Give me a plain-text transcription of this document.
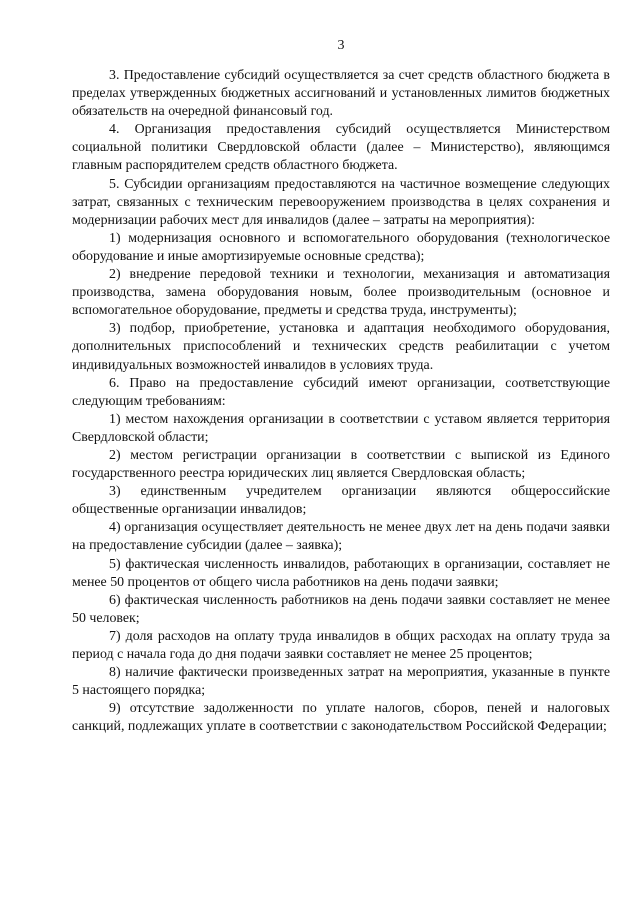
3

3. Предоставление субсидий осуществляется за счет средств областного бюджета в пределах утвержденных бюджетных ассигнований и установленных лимитов бюджетных обязательств на очередной финансовый год.

4. Организация предоставления субсидий осуществляется Министерством социальной политики Свердловской области (далее – Министерство), являющимся главным распорядителем средств областного бюджета.

5. Субсидии организациям предоставляются на частичное возмещение следующих затрат, связанных с техническим перевооружением производства в целях сохранения и модернизации рабочих мест для инвалидов (далее – затраты на мероприятия):

1) модернизация основного и вспомогательного оборудования (технологическое оборудование и иные амортизируемые основные средства);

2) внедрение передовой техники и технологии, механизация и автоматизация производства, замена оборудования новым, более производительным (основное и вспомогательное оборудование, предметы и средства труда, инструменты);

3) подбор, приобретение, установка и адаптация необходимого оборудования, дополнительных приспособлений и технических средств реабилитации с учетом индивидуальных возможностей инвалидов в условиях труда.

6. Право на предоставление субсидий имеют организации, соответствующие следующим требованиям:

1) местом нахождения организации в соответствии с уставом является территория Свердловской области;

2) местом регистрации организации в соответствии с выпиской из Единого государственного реестра юридических лиц является Свердловская область;

3) единственным учредителем организации являются общероссийские общественные организации инвалидов;

4) организация осуществляет деятельность не менее двух лет на день подачи заявки на предоставление субсидии (далее – заявка);

5) фактическая численность инвалидов, работающих в организации, составляет не менее 50 процентов от общего числа работников на день подачи заявки;

6) фактическая численность работников на день подачи заявки составляет не менее 50 человек;

7) доля расходов на оплату труда инвалидов в общих расходах на оплату труда за период с начала года до дня подачи заявки составляет не менее 25 процентов;

8) наличие фактически произведенных затрат на мероприятия, указанные в пункте 5 настоящего порядка;

9) отсутствие задолженности по уплате налогов, сборов, пеней и налоговых санкций, подлежащих уплате в соответствии с законодательством Российской Федерации;
